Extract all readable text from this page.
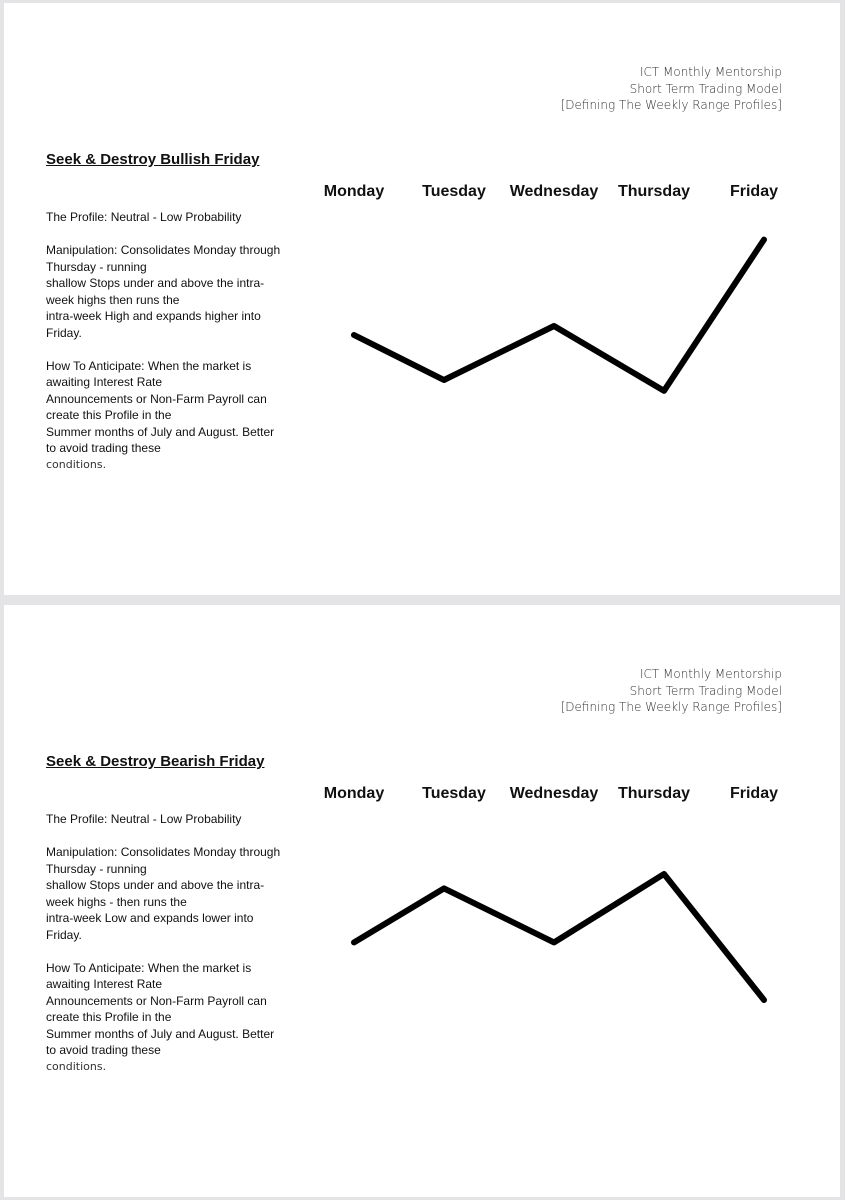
ICT Monthly Mentorship
Short Term Trading Model
[Defining The Weekly Range Profiles]
Seek & Destroy Bullish Friday

The Profile: Neutral - Low Probability

Manipulation: Consolidates Monday through
Thursday - running
shallow Stops under and above the intra-
week highs then runs the
intra-week High and expands higher into
Friday.

How To Anticipate: When the market is
awaiting Interest Rate
Announcements or Non-Farm Payroll can
create this Profile in the
Summer months of July and August. Better
to avoid trading these
conditions.

Monday Tuesday Wednesday Thursday Friday
ICT Monthly Mentorship
Short Term Trading Model
[Defining The Weekly Range Profiles]
Seek & Destroy Bearish Friday

The Profile: Neutral - Low Probability

Manipulation: Consolidates Monday through
Thursday - running
shallow Stops under and above the intra-
week highs - then runs the
intra-week Low and expands lower into
Friday.

How To Anticipate: When the market is
awaiting Interest Rate
Announcements or Non-Farm Payroll can
create this Profile in the
Summer months of July and August. Better
to avoid trading these
conditions.

Monday Tuesday Wednesday Thursday Friday
